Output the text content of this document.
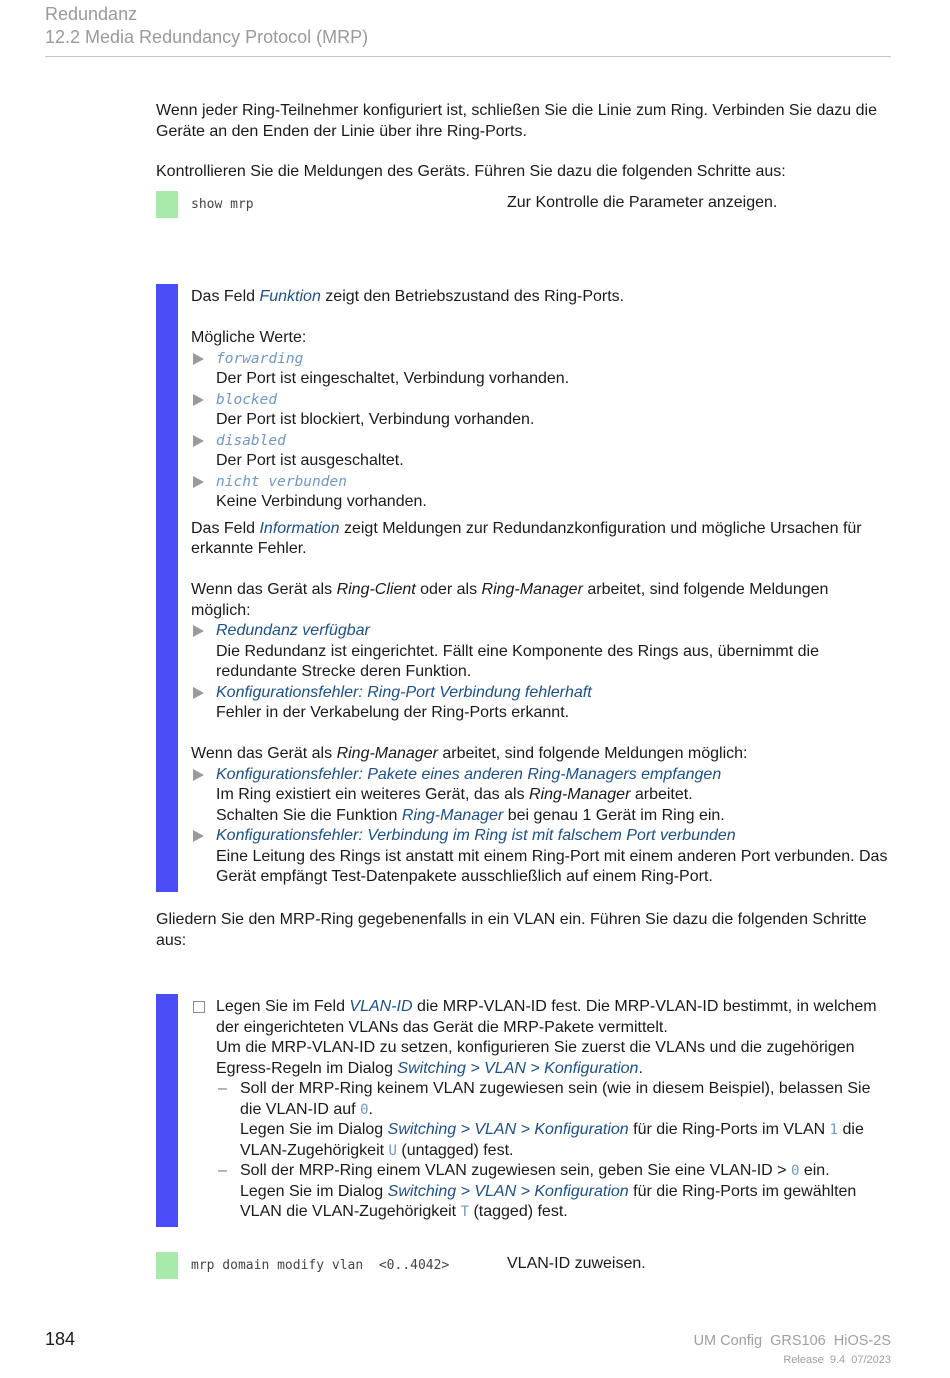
Redundanz
12.2 Media Redundancy Protocol (MRP)
Wenn jeder Ring-Teilnehmer konfiguriert ist, schließen Sie die Linie zum Ring. Verbinden Sie dazu die Geräte an den Enden der Linie über ihre Ring-Ports.
Kontrollieren Sie die Meldungen des Geräts. Führen Sie dazu die folgenden Schritte aus:
show mrp	Zur Kontrolle die Parameter anzeigen.
Das Feld Funktion zeigt den Betriebszustand des Ring-Ports.
Mögliche Werte:
forwarding
Der Port ist eingeschaltet, Verbindung vorhanden.
blocked
Der Port ist blockiert, Verbindung vorhanden.
disabled
Der Port ist ausgeschaltet.
nicht verbunden
Keine Verbindung vorhanden.
Das Feld Information zeigt Meldungen zur Redundanzkonfiguration und mögliche Ursachen für erkannte Fehler.
Wenn das Gerät als Ring-Client oder als Ring-Manager arbeitet, sind folgende Meldungen möglich:
Redundanz verfügbar
Die Redundanz ist eingerichtet. Fällt eine Komponente des Rings aus, übernimmt die redundante Strecke deren Funktion.
Konfigurationsfehler: Ring-Port Verbindung fehlerhaft
Fehler in der Verkabelung der Ring-Ports erkannt.
Wenn das Gerät als Ring-Manager arbeitet, sind folgende Meldungen möglich:
Konfigurationsfehler: Pakete eines anderen Ring-Managers empfangen
Im Ring existiert ein weiteres Gerät, das als Ring-Manager arbeitet.
Schalten Sie die Funktion Ring-Manager bei genau 1 Gerät im Ring ein.
Konfigurationsfehler: Verbindung im Ring ist mit falschem Port verbunden
Eine Leitung des Rings ist anstatt mit einem Ring-Port mit einem anderen Port verbunden. Das Gerät empfängt Test-Datenpakete ausschließlich auf einem Ring-Port.
Gliedern Sie den MRP-Ring gegebenenfalls in ein VLAN ein. Führen Sie dazu die folgenden Schritte aus:
Legen Sie im Feld VLAN-ID die MRP-VLAN-ID fest. Die MRP-VLAN-ID bestimmt, in welchem der eingerichteten VLANs das Gerät die MRP-Pakete vermittelt.
Um die MRP-VLAN-ID zu setzen, konfigurieren Sie zuerst die VLANs und die zugehörigen Egress-Regeln im Dialog Switching > VLAN > Konfiguration.
– Soll der MRP-Ring keinem VLAN zugewiesen sein (wie in diesem Beispiel), belassen Sie die VLAN-ID auf 0.
Legen Sie im Dialog Switching > VLAN > Konfiguration für die Ring-Ports im VLAN 1 die VLAN-Zugehörigkeit U (untagged) fest.
– Soll der MRP-Ring einem VLAN zugewiesen sein, geben Sie eine VLAN-ID > 0 ein.
Legen Sie im Dialog Switching > VLAN > Konfiguration für die Ring-Ports im gewählten VLAN die VLAN-Zugehörigkeit T (tagged) fest.
mrp domain modify vlan  <0..4042>	VLAN-ID zuweisen.
184	UM Config  GRS106  HiOS-2S
Release  9.4  07/2023
